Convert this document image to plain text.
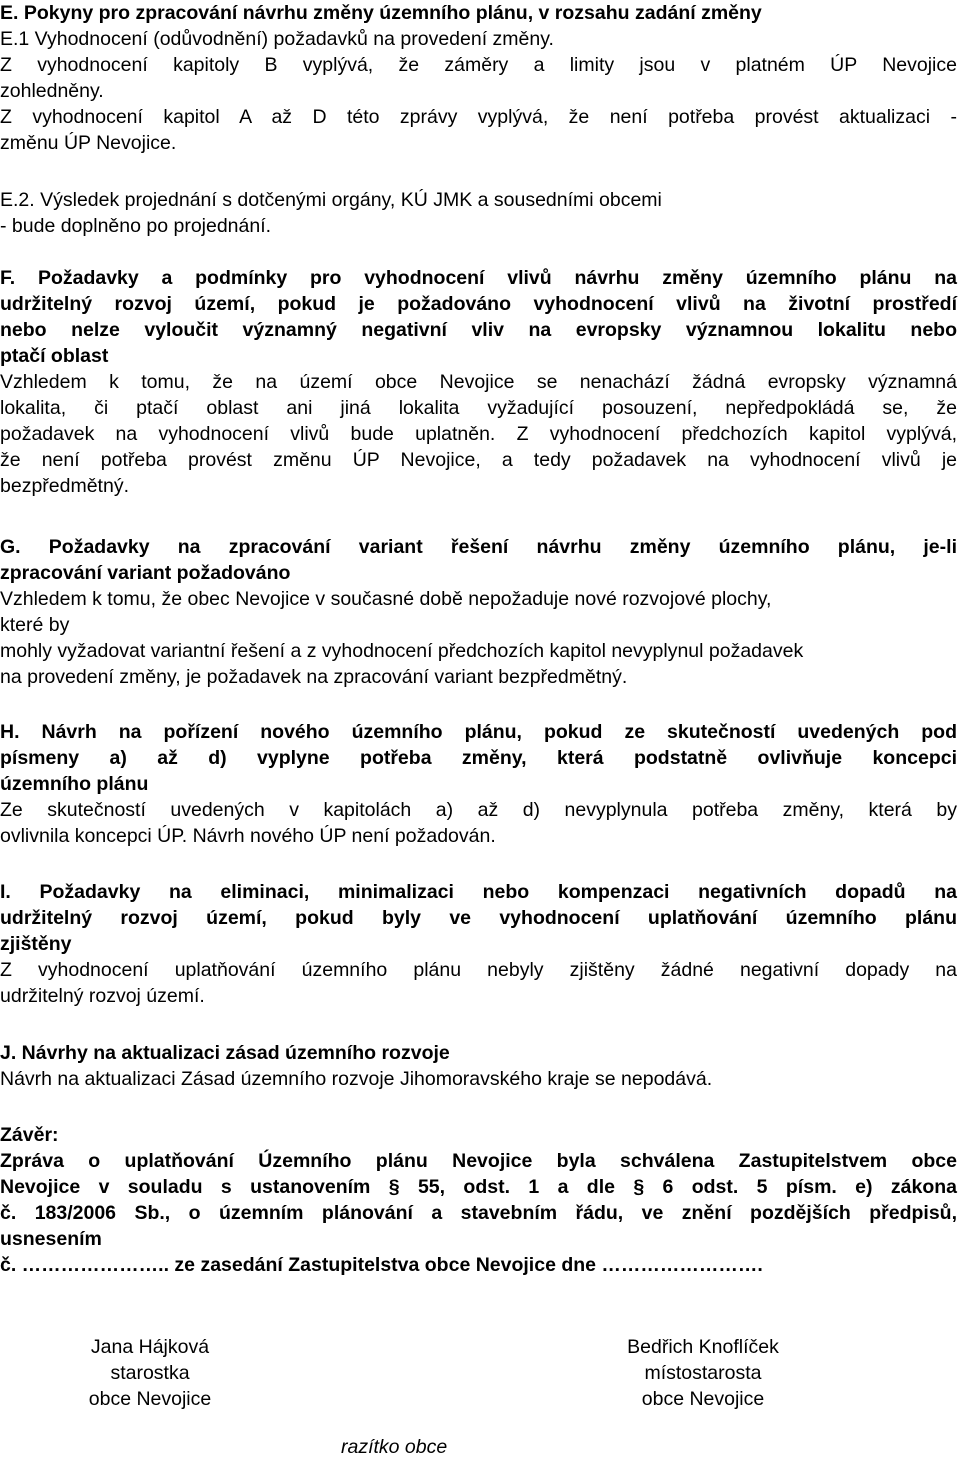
E. Pokyny pro zpracování návrhu změny územního plánu, v rozsahu zadání změny
E.1 Vyhodnocení (odůvodnění) požadavků na provedení změny.
Z vyhodnocení kapitoly B vyplývá, že záměry a limity jsou v platném ÚP Nevojice
zohledněny.
Z vyhodnocení kapitol A až D této zprávy vyplývá, že není potřeba provést aktualizaci -
změnu ÚP Nevojice.
E.2. Výsledek projednání s dotčenými orgány, KÚ JMK a sousedními obcemi
- bude doplněno po projednání.
F. Požadavky a podmínky pro vyhodnocení vlivů návrhu změny územního plánu na
udržitelný rozvoj území, pokud je požadováno vyhodnocení vlivů na životní prostředí
nebo nelze vyloučit významný negativní vliv na evropsky významnou lokalitu nebo
ptačí oblast
Vzhledem k tomu, že na území obce Nevojice se nenachází žádná evropsky významná
lokalita, či ptačí oblast ani jiná lokalita vyžadující posouzení, nepředpokládá se, že
požadavek na vyhodnocení vlivů bude uplatněn. Z vyhodnocení předchozích kapitol vyplývá,
že není potřeba provést změnu ÚP Nevojice, a tedy požadavek na vyhodnocení vlivů je
bezpředmětný.
G. Požadavky na zpracování variant řešení návrhu změny územního plánu, je-li
zpracování variant požadováno
Vzhledem k tomu, že obec Nevojice v současné době nepožaduje nové rozvojové plochy,
které by
mohly vyžadovat variantní řešení a z vyhodnocení předchozích kapitol nevyplynul požadavek
na provedení změny, je požadavek na zpracování variant bezpředmětný.
H. Návrh na pořízení nového územního plánu, pokud ze skutečností uvedených pod
písmeny a) až d) vyplyne potřeba změny, která podstatně ovlivňuje koncepci
územního plánu
Ze skutečností uvedených v kapitolách a) až d) nevyplynula potřeba změny, která by
ovlivnila koncepci ÚP. Návrh nového ÚP není požadován.
I. Požadavky na eliminaci, minimalizaci nebo kompenzaci negativních dopadů na
udržitelný rozvoj území, pokud byly ve vyhodnocení uplatňování územního plánu
zjištěny
Z vyhodnocení uplatňování územního plánu nebyly zjištěny žádné negativní dopady na
udržitelný rozvoj území.
J. Návrhy na aktualizaci zásad územního rozvoje
Návrh na aktualizaci Zásad územního rozvoje Jihomoravského kraje se nepodává.
Závěr:
Zpráva o uplatňování Územního plánu Nevojice byla schválena Zastupitelstvem obce
Nevojice v souladu s ustanovením § 55, odst. 1 a dle § 6 odst. 5 písm. e) zákona
č. 183/2006 Sb., o územním plánování a stavebním řádu, ve znění pozdějších předpisů,
usnesením
č. ………………….. ze zasedání Zastupitelstva obce Nevojice dne …………………….
Jana Hájková
starostka
obce Nevojice
Bedřich Knoflíček
místostarosta
obce Nevojice
razítko obce
